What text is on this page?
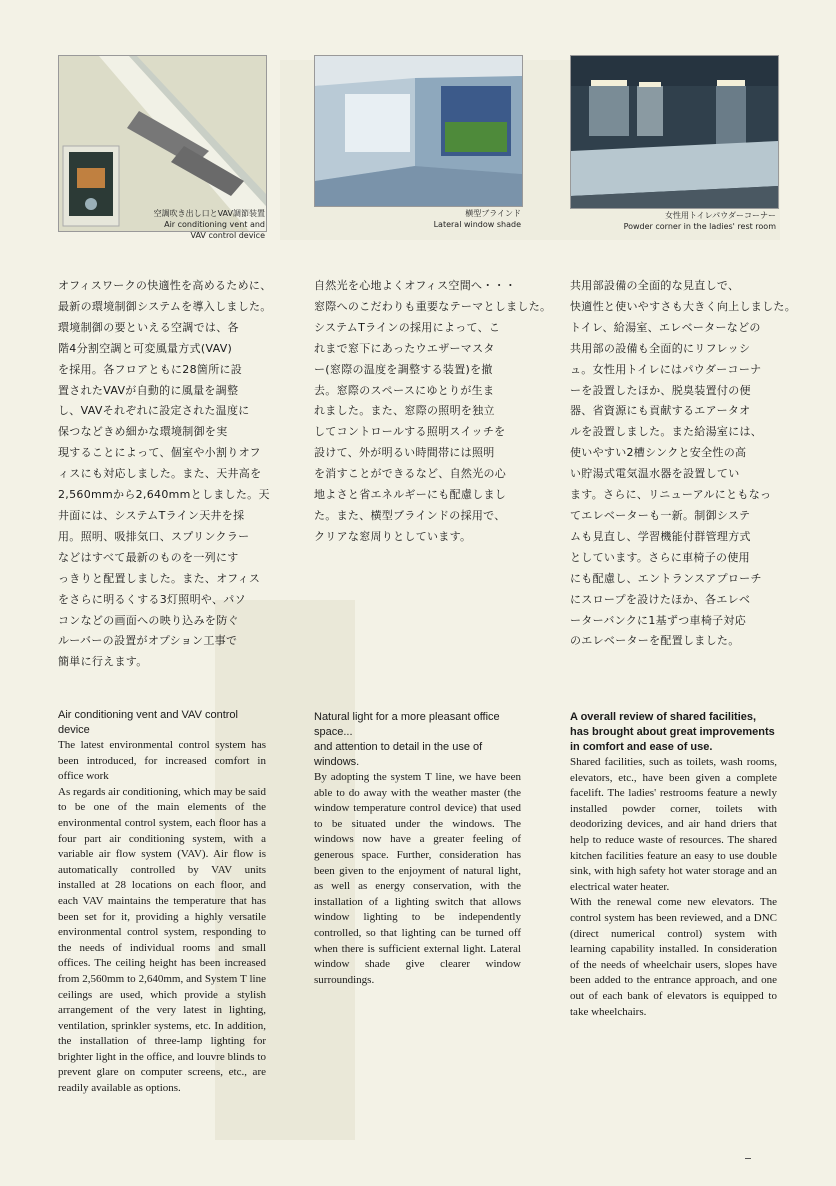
空調吹き出し口とVAV調節装置
Air conditioning vent and
VAV control device
横型ブラインド
Lateral window shade
女性用トイレパウダーコーナー
Powder corner in the ladies' rest room
オフィスワークの快適性を高めるために、
最新の環境制御システムを導入しました。
環境制御の要といえる空調では、各
階4分割空調と可変風量方式(VAV)
を採用。各フロアともに28箇所に設
置されたVAVが自動的に風量を調整
し、VAVそれぞれに設定された温度に
保つなどきめ細かな環境制御を実
現することによって、個室や小割りオフ
ィスにも対応しました。また、天井高を
2,560mmから2,640mmとしました。天
井面には、システムTライン天井を採
用。照明、吸排気口、スプリンクラー
などはすべて最新のものを一列にす
っきりと配置しました。また、オフィス
をさらに明るくする3灯照明や、パソ
コンなどの画面への映り込みを防ぐ
ルーバーの設置がオプション工事で
簡単に行えます。
自然光を心地よくオフィス空間へ・・・
窓際へのこだわりも重要なテーマとしました。
システムTラインの採用によって、こ
れまで窓下にあったウエザーマスタ
ー(窓際の温度を調整する装置)を撤
去。窓際のスペースにゆとりが生ま
れました。また、窓際の照明を独立
してコントロールする照明スイッチを
設けて、外が明るい時間帯には照明
を消すことができるなど、自然光の心
地よさと省エネルギーにも配慮しまし
た。また、横型ブラインドの採用で、
クリアな窓周りとしています。
共用部設備の全面的な見直しで、
快適性と使いやすさも大きく向上しました。
トイレ、給湯室、エレベーターなどの
共用部の設備も全面的にリフレッシ
ュ。女性用トイレにはパウダーコーナ
ーを設置したほか、脱臭装置付の便
器、省資源にも貢献するエアータオ
ルを設置しました。また給湯室には、
使いやすい2槽シンクと安全性の高
い貯湯式電気温水器を設置してい
ます。さらに、リニューアルにともなっ
てエレベーターも一新。制御システ
ムも見直し、学習機能付群管理方式
としています。さらに車椅子の使用
にも配慮し、エントランスアプローチ
にスロープを設けたほか、各エレベ
ーターバンクに1基ずつ車椅子対応
のエレベーターを配置しました。

Air conditioning vent and VAV control
device

The latest environmental control system has been introduced, for increased comfort in office work
As regards air conditioning, which may be said to be one of the main elements of the environmental control system, each floor has a four part air conditioning system, with a variable air flow system (VAV). Air flow is automatically controlled by VAV units installed at 28 locations on each floor, and each VAV maintains the temperature that has been set for it, providing a highly versatile environmental control system, responding to the needs of individual rooms and small offices. The ceiling height has been increased from 2,560mm to 2,640mm, and System T line ceilings are used, which provide a stylish arrangement of the very latest in lighting, ventilation, sprinkler systems, etc. In addition, the installation of three-lamp lighting for brighter light in the office, and louvre blinds to prevent glare on computer screens, etc., are readily available as options.

Natural light for a more pleasant office
space...
and attention to detail in the use of
windows.

By adopting the system T line, we have been able to do away with the weather master (the window temperature control device) that used to be situated under the windows. The windows now have a greater feeling of generous space. Further, consideration has been given to the enjoyment of natural light, as well as energy conservation, with the installation of a lighting switch that allows window lighting to be independently controlled, so that lighting can be turned off when there is sufficient external light. Lateral window shade give clearer window surroundings.

A overall review of shared facilities,
has brought about great improvements
in comfort and ease of use.

Shared facilities, such as toilets, wash rooms, elevators, etc., have been given a complete facelift. The ladies' restrooms feature a newly installed powder corner, toilets with deodorizing devices, and air hand driers that help to reduce waste of resources. The shared kitchen facilities feature an easy to use double sink, with high safety hot water storage and an electrical water heater.
With the renewal come new elevators. The control system has been reviewed, and a DNC (direct numerical control) system with learning capability installed. In consideration of the needs of wheelchair users, slopes have been added to the entrance approach, and one out of each bank of elevators is equipped to take wheelchairs.
